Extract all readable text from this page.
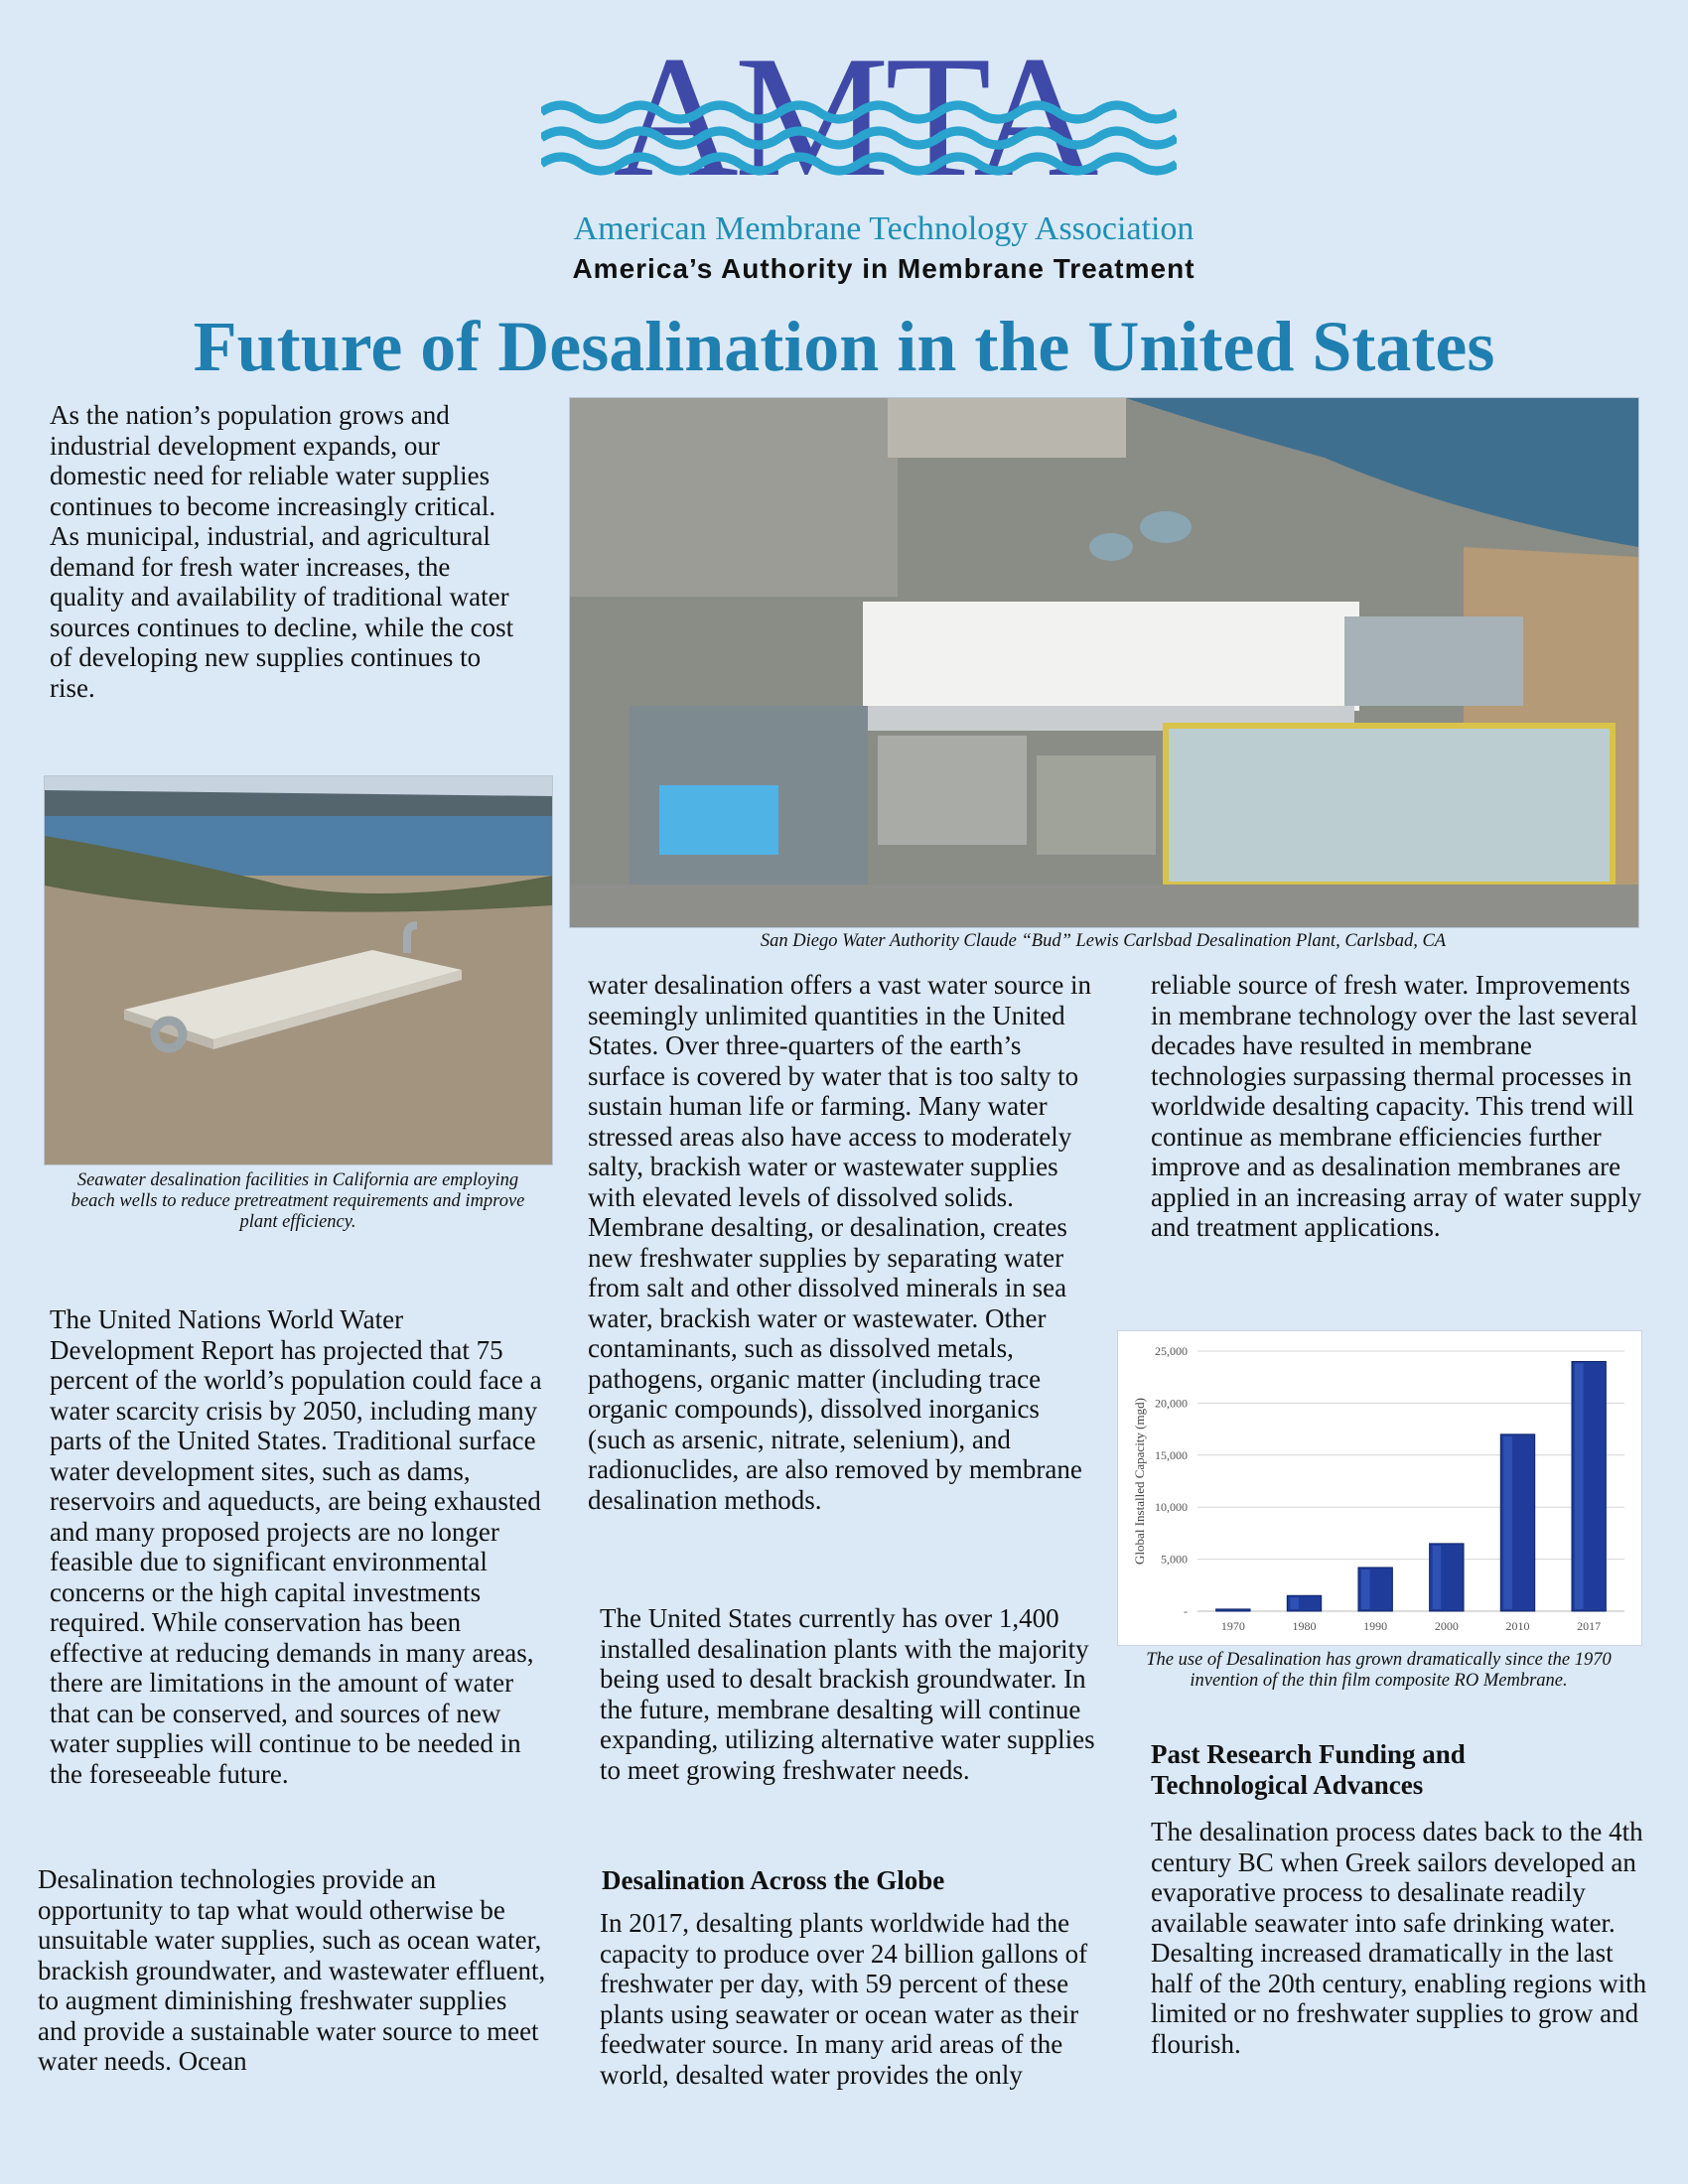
AMTA
American Membrane Technology Association
America’s Authority in Membrane Treatment
Future of Desalination in the United States
As the nation’s population grows and industrial development expands, our domestic need for reliable water supplies continues to become increasingly critical. As municipal, industrial, and agricultural demand for fresh water increases, the quality and availability of traditional water sources continues to decline, while the cost of developing new supplies continues to rise.
San Diego Water Authority Claude “Bud” Lewis Carlsbad Desalination Plant, Carlsbad, CA
Seawater desalination facilities in California are employing beach wells to reduce pretreatment requirements and improve plant efficiency.
The United Nations World Water Development Report has projected that 75 percent of the world’s population could face a water scarcity crisis by 2050, including many parts of the United States. Traditional surface water development sites, such as dams, reservoirs and aqueducts, are being exhausted and many proposed projects are no longer feasible due to significant environmental concerns or the high capital investments required. While conservation has been effective at reducing demands in many areas, there are limitations in the amount of water that can be conserved, and sources of new water supplies will continue to be needed in the foreseeable future.
Desalination technologies provide an opportunity to tap what would otherwise be unsuitable water supplies, such as ocean water, brackish groundwater, and wastewater effluent, to augment diminishing freshwater supplies and provide a sustainable water source to meet water needs. Ocean
water desalination offers a vast water source in seemingly unlimited quantities in the United States. Over three-quarters of the earth’s surface is covered by water that is too salty to sustain human life or farming. Many water stressed areas also have access to moderately salty, brackish water or wastewater supplies with elevated levels of dissolved solids. Membrane desalting, or desalination, creates new freshwater supplies by separating water from salt and other dissolved minerals in sea water, brackish water or wastewater. Other contaminants, such as dissolved metals, pathogens, organic matter (including trace organic compounds), dissolved inorganics (such as arsenic, nitrate, selenium), and radionuclides, are also removed by membrane desalination methods.
The United States currently has over 1,400 installed desalination plants with the majority being used to desalt brackish groundwater. In the future, membrane desalting will continue expanding, utilizing alternative water supplies to meet growing freshwater needs.
Desalination Across the Globe
In 2017, desalting plants worldwide had the capacity to produce over 24 billion gallons of freshwater per day, with 59 percent of these plants using seawater or ocean water as their feedwater source. In many arid areas of the world, desalted water provides the only
reliable source of fresh water. Improvements in membrane technology over the last several decades have resulted in membrane technologies surpassing thermal processes in worldwide desalting capacity. This trend will continue as membrane efficiencies further improve and as desalination membranes are applied in an increasing array of water supply and treatment applications.
-
5,000
10,000
15,000
20,000
25,000
Global Installed Capacity (mgd)
1970	1980	1990	2000	2010	2017
The use of Desalination has grown dramatically since the 1970 invention of the thin film composite RO Membrane.
Past Research Funding and Technological Advances
The desalination process dates back to the 4th century BC when Greek sailors developed an evaporative process to desalinate readily available seawater into safe drinking water. Desalting increased dramatically in the last half of the 20th century, enabling regions with limited or no freshwater supplies to grow and flourish.
